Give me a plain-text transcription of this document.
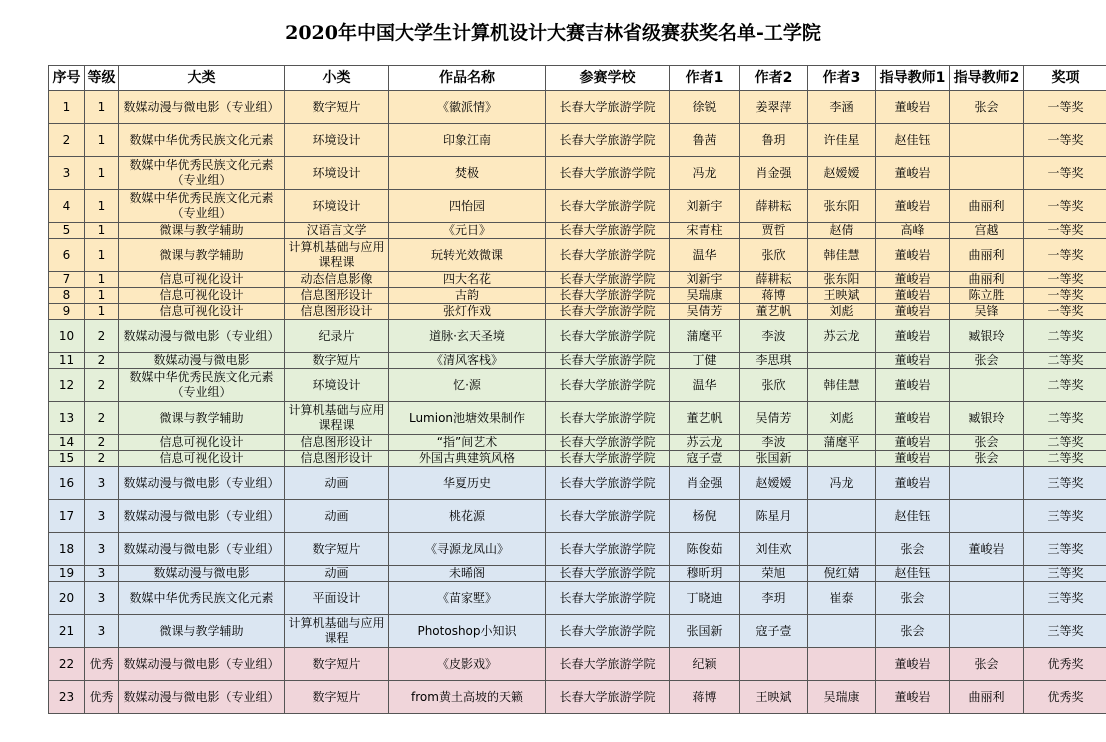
2020年中国大学生计算机设计大赛吉林省级赛获奖名单-工学院
序号	等级	大类	小类	作品名称	参赛学校	作者1	作者2	作者3	指导教师1	指导教师2	奖项
1	1	数媒动漫与微电影（专业组）	数字短片	《徽派情》	长春大学旅游学院	徐锐	姜翠萍	李涵	董峻岩	张会	一等奖
2	1	数媒中华优秀民族文化元素	环境设计	印象江南	长春大学旅游学院	鲁茜	鲁玥	许佳星	赵佳钰		一等奖
3	1	数媒中华优秀民族文化元素（专业组）	环境设计	焚极	长春大学旅游学院	冯龙	肖金强	赵嫒嫒	董峻岩		一等奖
4	1	数媒中华优秀民族文化元素（专业组）	环境设计	四怡园	长春大学旅游学院	刘新宇	薛耕耘	张东阳	董峻岩	曲丽利	一等奖
5	1	微课与教学辅助	汉语言文学	《元日》	长春大学旅游学院	宋青柱	贾哲	赵倩	高峰	宫越	一等奖
6	1	微课与教学辅助	计算机基础与应用课程课	玩转光效微课	长春大学旅游学院	温华	张欣	韩佳慧	董峻岩	曲丽利	一等奖
7	1	信息可视化设计	动态信息影像	四大名花	长春大学旅游学院	刘新宇	薛耕耘	张东阳	董峻岩	曲丽利	一等奖
8	1	信息可视化设计	信息图形设计	古韵	长春大学旅游学院	吴瑞康	蒋博	王映斌	董峻岩	陈立胜	一等奖
9	1	信息可视化设计	信息图形设计	张灯作戏	长春大学旅游学院	吴倩芳	董艺帆	刘彪	董峻岩	吴锋	一等奖
10	2	数媒动漫与微电影（专业组）	纪录片	道脉·玄天圣境	长春大学旅游学院	蒲麾平	李波	苏云龙	董峻岩	臧银玲	二等奖
11	2	数媒动漫与微电影	数字短片	《清风客栈》	长春大学旅游学院	丁健	李思琪		董峻岩	张会	二等奖
12	2	数媒中华优秀民族文化元素（专业组）	环境设计	忆·源	长春大学旅游学院	温华	张欣	韩佳慧	董峻岩		二等奖
13	2	微课与教学辅助	计算机基础与应用课程课	Lumion池塘效果制作	长春大学旅游学院	董艺帆	吴倩芳	刘彪	董峻岩	臧银玲	二等奖
14	2	信息可视化设计	信息图形设计	“指”间艺术	长春大学旅游学院	苏云龙	李波	蒲麾平	董峻岩	张会	二等奖
15	2	信息可视化设计	信息图形设计	外国古典建筑风格	长春大学旅游学院	寇子壹	张国新		董峻岩	张会	二等奖
16	3	数媒动漫与微电影（专业组）	动画	华夏历史	长春大学旅游学院	肖金强	赵嫒嫒	冯龙	董峻岩		三等奖
17	3	数媒动漫与微电影（专业组）	动画	桃花源	长春大学旅游学院	杨倪	陈星月		赵佳钰		三等奖
18	3	数媒动漫与微电影（专业组）	数字短片	《寻源龙凤山》	长春大学旅游学院	陈俊茹	刘佳欢		张会	董峻岩	三等奖
19	3	数媒动漫与微电影	动画	未晞阁	长春大学旅游学院	穆昕玥	荣旭	倪红婧	赵佳钰		三等奖
20	3	数媒中华优秀民族文化元素	平面设计	《苗家墅》	长春大学旅游学院	丁晓迪	李玥	崔泰	张会		三等奖
21	3	微课与教学辅助	计算机基础与应用课程	Photoshop小知识	长春大学旅游学院	张国新	寇子壹		张会		三等奖
22	优秀	数媒动漫与微电影（专业组）	数字短片	《皮影戏》	长春大学旅游学院	纪颖			董峻岩	张会	优秀奖
23	优秀	数媒动漫与微电影（专业组）	数字短片	from黄土高坡的天籁	长春大学旅游学院	蒋博	王映斌	吴瑞康	董峻岩	曲丽利	优秀奖
